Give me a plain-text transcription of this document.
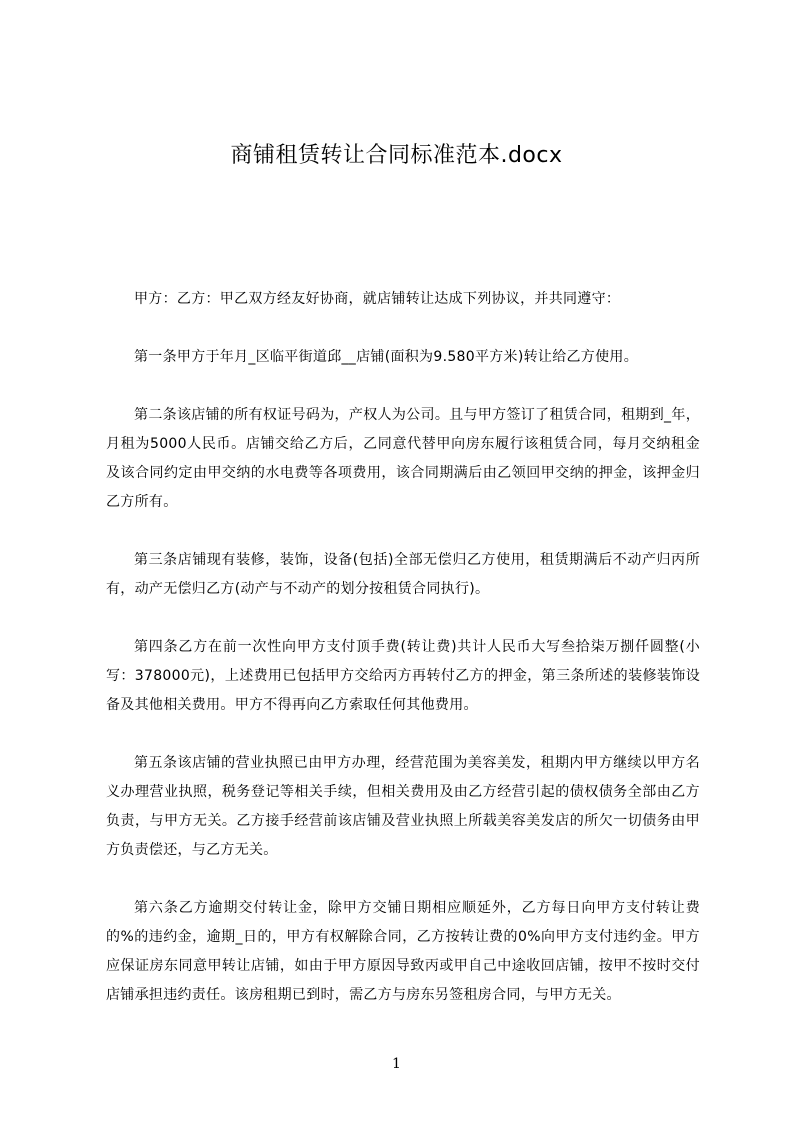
商铺租赁转让合同标准范本.docx

甲方：乙方：甲乙双方经友好协商，就店铺转让达成下列协议，并共同遵守：

第一条甲方于年月_区临平街道邱__店铺(面积为9.580平方米)转让给乙方使用。

第二条该店铺的所有权证号码为，产权人为公司。且与甲方签订了租赁合同，租期到_年，月租为5000人民币。店铺交给乙方后，乙同意代替甲向房东履行该租赁合同，每月交纳租金及该合同约定由甲交纳的水电费等各项费用，该合同期满后由乙领回甲交纳的押金，该押金归乙方所有。

第三条店铺现有装修，装饰，设备(包括)全部无偿归乙方使用，租赁期满后不动产归丙所有，动产无偿归乙方(动产与不动产的划分按租赁合同执行)。

第四条乙方在前一次性向甲方支付顶手费(转让费)共计人民币大写叁拾柒万捌仟圆整(小写：378000元)，上述费用已包括甲方交给丙方再转付乙方的押金，第三条所述的装修装饰设备及其他相关费用。甲方不得再向乙方索取任何其他费用。

第五条该店铺的营业执照已由甲方办理，经营范围为美容美发，租期内甲方继续以甲方名义办理营业执照，税务登记等相关手续，但相关费用及由乙方经营引起的债权债务全部由乙方负责，与甲方无关。乙方接手经营前该店铺及营业执照上所载美容美发店的所欠一切债务由甲方负责偿还，与乙方无关。

第六条乙方逾期交付转让金，除甲方交铺日期相应顺延外，乙方每日向甲方支付转让费的%的违约金，逾期_日的，甲方有权解除合同，乙方按转让费的0%向甲方支付违约金。甲方应保证房东同意甲转让店铺，如由于甲方原因导致丙或甲自己中途收回店铺，按甲不按时交付店铺承担违约责任。该房租期已到时，需乙方与房东另签租房合同，与甲方无关。

1
